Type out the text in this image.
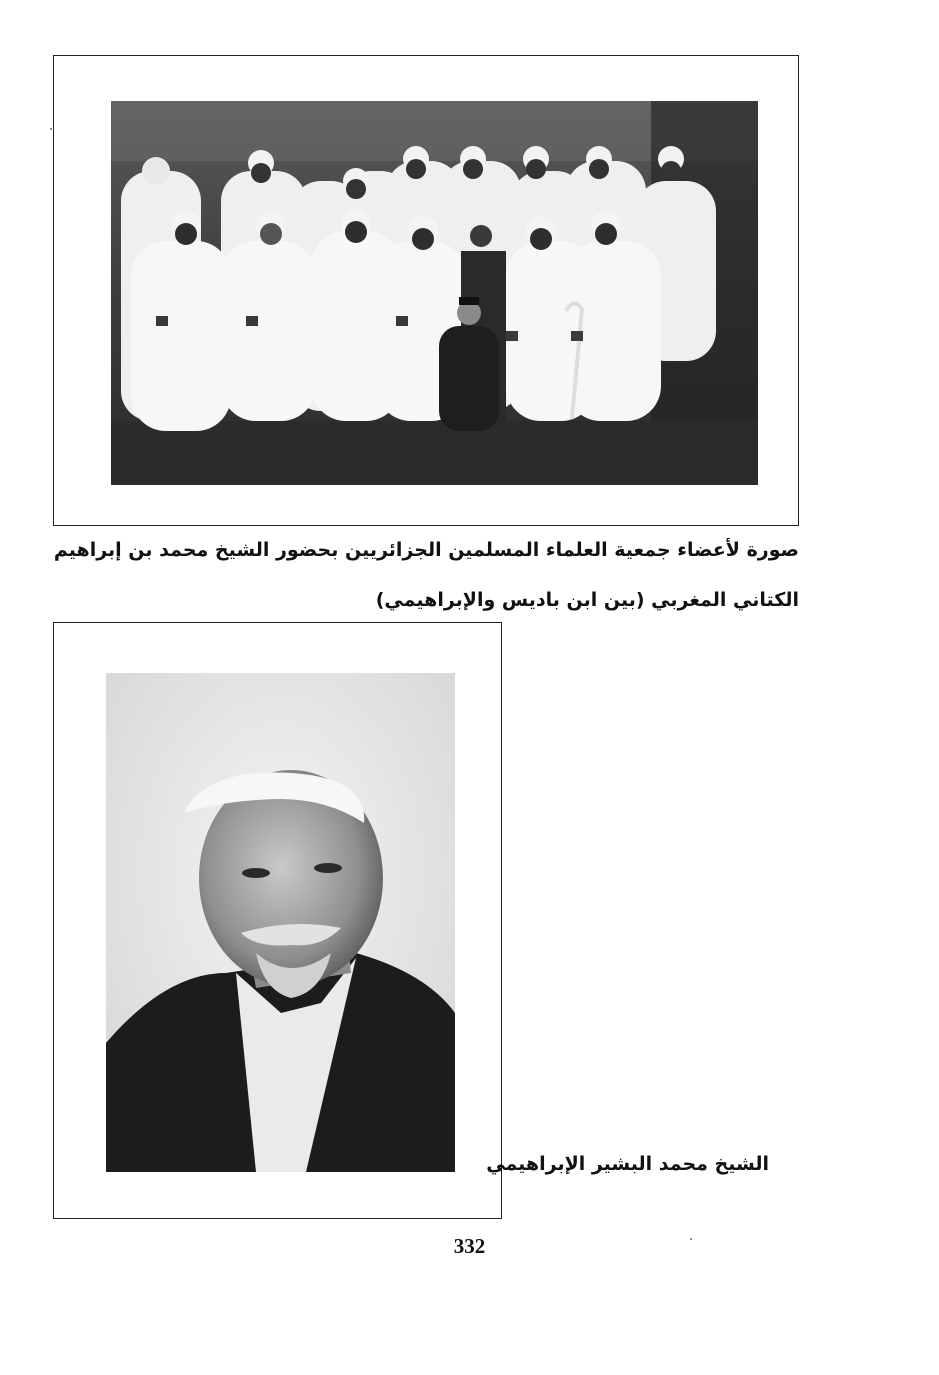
صورة لأعضاء جمعية العلماء المسلمين الجزائريين بحضور الشيخ محمد بن إبراهيم
الكتاني المغربي (بين ابن باديس والإبراهيمي)
الشيخ محمد البشير الإبراهيمي
332
